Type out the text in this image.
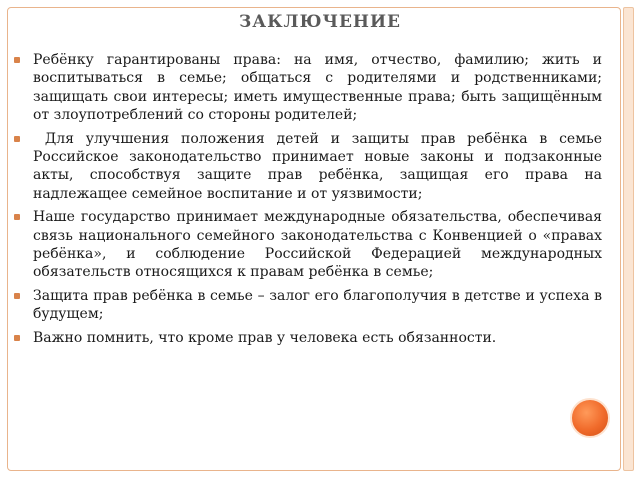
ЗАКЛЮЧЕНИЕ
Ребёнку гарантированы права: на имя, отчество, фамилию; жить и воспитываться в семье; общаться с родителями и родственниками; защищать свои интересы; иметь имущественные права; быть защищённым от злоупотреблений со стороны родителей;
Для улучшения положения детей и защиты прав ребёнка в семье Российское законодательство принимает новые законы и подзаконные акты, способствуя защите прав ребёнка, защищая его права на надлежащее семейное воспитание и от уязвимости;
Наше государство принимает международные обязательства, обеспечивая связь национального семейного законодательства с Конвенцией о «правах ребёнка», и соблюдение Российской Федерацией международных обязательств относящихся к правам ребёнка в семье;
Защита прав ребёнка в семье – залог его благополучия в детстве и успеха в будущем;
Важно помнить, что кроме прав у человека есть обязанности.
